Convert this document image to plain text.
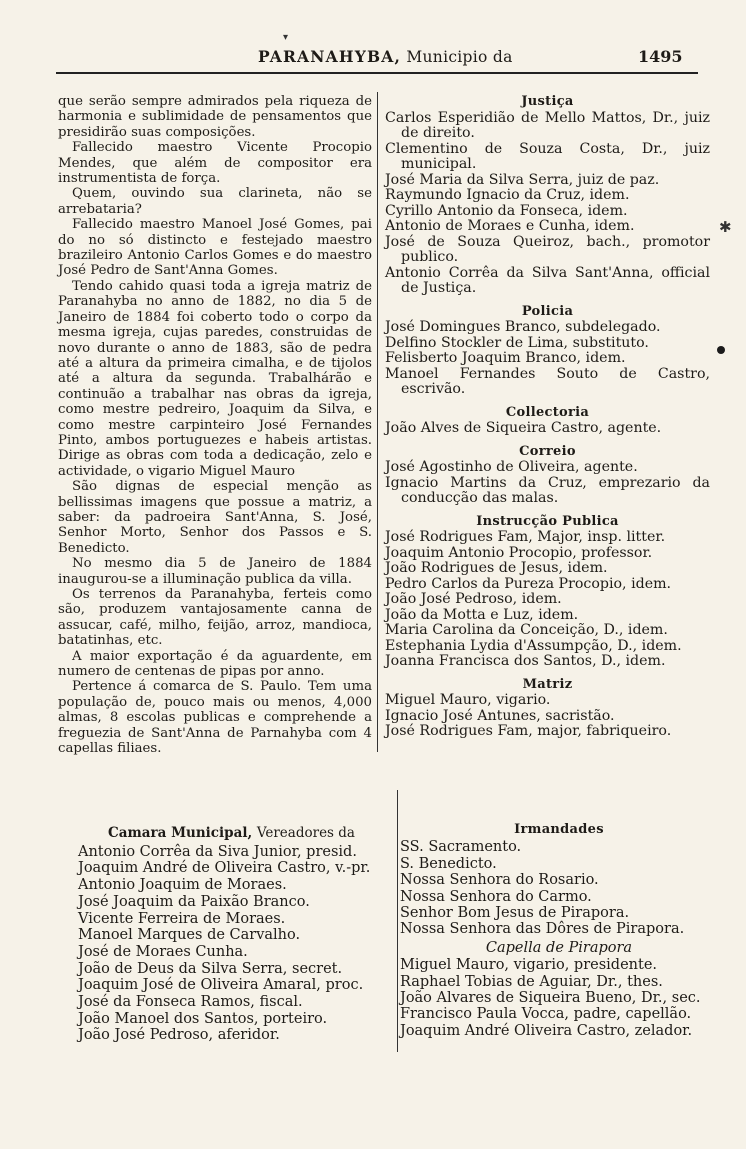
▾
PARANAHYBA, Municipio da	1495
✱

que serão sempre admirados pela riqueza de harmonia e sublimidade de pensamentos que presidirão suas composições.

Fallecido maestro Vicente Procopio Mendes, que além de compositor era instrumentista de força.

Quem, ouvindo sua clarineta, não se arrebataria?

Fallecido maestro Manoel José Gomes, pai do no só distincto e festejado maestro brazileiro Antonio Carlos Gomes e do maestro José Pedro de Sant'Anna Gomes.

Tendo cahido quasi toda a igreja matriz de Paranahyba no anno de 1882, no dia 5 de Janeiro de 1884 foi coberto todo o corpo da mesma igreja, cujas paredes, construidas de novo durante o anno de 1883, são de pedra até a altura da primeira cimalha, e de tijolos até a altura da segunda. Trabalhárão e continuão a trabalhar nas obras da igreja, como mestre pedreiro, Joaquim da Silva, e como mestre carpinteiro José Fernandes Pinto, ambos portuguezes e habeis artistas. Dirige as obras com toda a dedicação, zelo e actividade, o vigario Miguel Mauro

São dignas de especial menção as bellissimas imagens que possue a matriz, a saber: da padroeira Sant'Anna, S. José, Senhor Morto, Senhor dos Passos e S. Benedicto.

No mesmo dia 5 de Janeiro de 1884 inaugurou-se a illuminação publica da villa.

Os terrenos da Paranahyba, ferteis como são, produzem vantajosamente canna de assucar, café, milho, feijão, arroz, mandioca, batatinhas, etc.

A maior exportação é da aguardente, em numero de centenas de pipas por anno.

Pertence á comarca de S. Paulo. Tem uma população de, pouco mais ou menos, 4,000 almas, 8 escolas publicas e comprehende a freguezia de Sant'Anna de Parnahyba com 4 capellas filiaes.

Justiça

Carlos Esperidião de Mello Mattos, Dr., juiz de direito.

Clementino de Souza Costa, Dr., juiz municipal.

José Maria da Silva Serra, juiz de paz.

Raymundo Ignacio da Cruz, idem.

Cyrillo Antonio da Fonseca, idem.

Antonio de Moraes e Cunha, idem.

José de Souza Queiroz, bach., promotor publico.

Antonio Corrêa da Silva Sant'Anna, official de Justiça.

Policia

José Domingues Branco, subdelegado.

Delfino Stockler de Lima, substituto.

Felisberto Joaquim Branco, idem.

Manoel Fernandes Souto de Castro, escrivão.

Collectoria

João Alves de Siqueira Castro, agente.

Correio

José Agostinho de Oliveira, agente.

Ignacio Martins da Cruz, emprezario da conducção das malas.

Instrucção Publica

José Rodrigues Fam, Major, insp. litter.

Joaquim Antonio Procopio, professor.

João Rodrigues de Jesus, idem.

Pedro Carlos da Pureza Procopio, idem.

João José Pedroso, idem.

João da Motta e Luz, idem.

Maria Carolina da Conceição, D., idem.

Estephania Lydia d'Assumpção, D., idem.

Joanna Francisca dos Santos, D., idem.

Matriz

Miguel Mauro, vigario.

Ignacio José Antunes, sacristão.

José Rodrigues Fam, major, fabriqueiro.

Camara Municipal, Vereadores da

Antonio Corrêa da Siva Junior, presid.

Joaquim André de Oliveira Castro, v.-pr.

Antonio Joaquim de Moraes.

José Joaquim da Paixão Branco.

Vicente Ferreira de Moraes.

Manoel Marques de Carvalho.

José de Moraes Cunha.

João de Deus da Silva Serra, secret.

Joaquim José de Oliveira Amaral, proc.

José da Fonseca Ramos, fiscal.

João Manoel dos Santos, porteiro.

João José Pedroso, aferidor.

Irmandades

SS. Sacramento.

S. Benedicto.

Nossa Senhora do Rosario.

Nossa Senhora do Carmo.

Senhor Bom Jesus de Pirapora.

Nossa Senhora das Dôres de Pirapora.

Capella de Pirapora

Miguel Mauro, vigario, presidente.

Raphael Tobias de Aguiar, Dr., thes.

João Alvares de Siqueira Bueno, Dr., sec.

Francisco Paula Vocca, padre, capellão.

Joaquim André Oliveira Castro, zelador.
